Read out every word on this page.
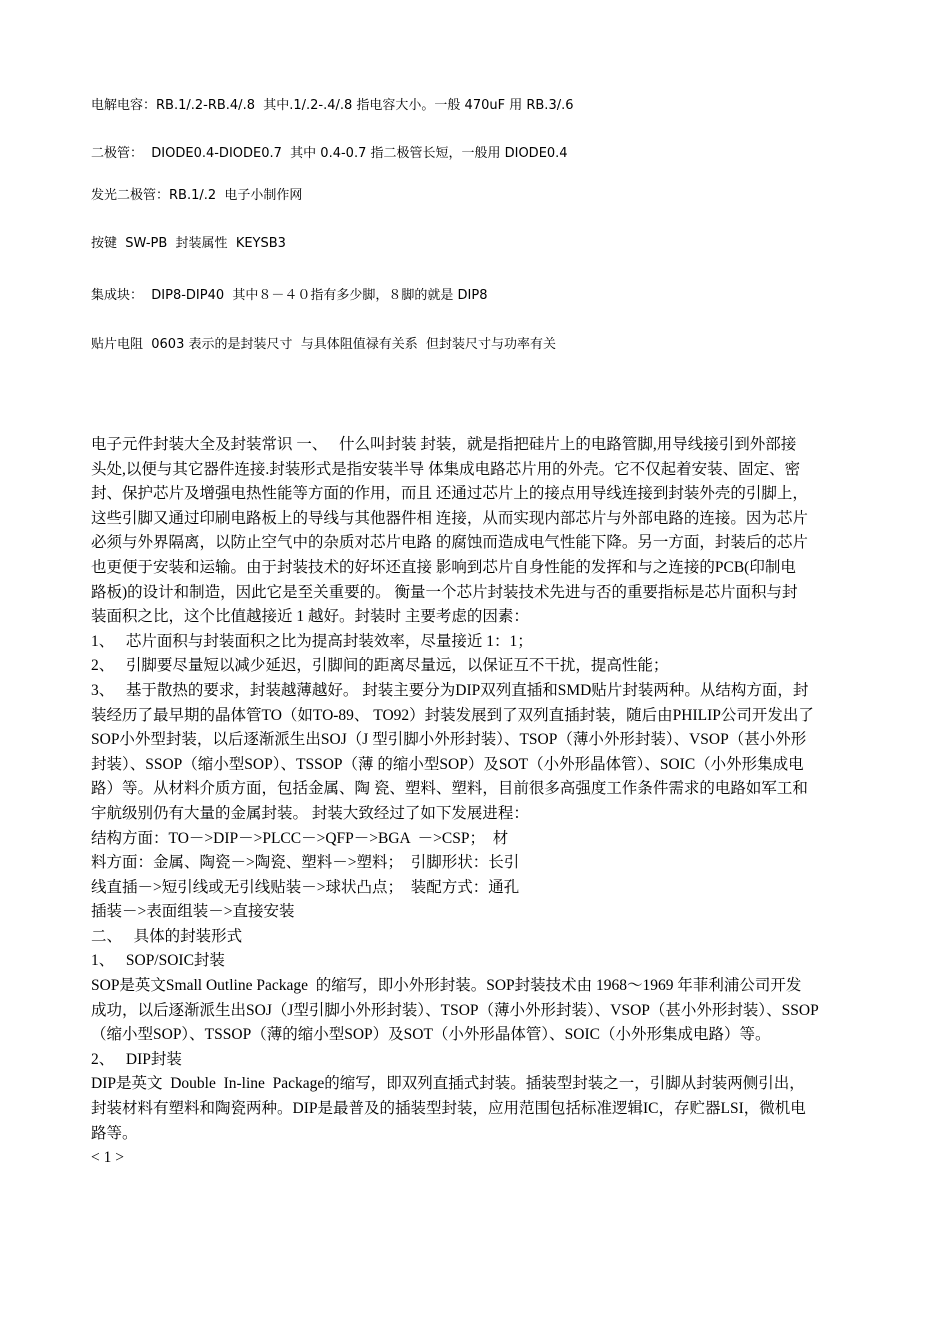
电解电容：RB.1/.2-RB.4/.8  其中.1/.2-.4/.8 指电容大小。一般 470uF 用 RB.3/.6
二极管：  DIODE0.4-DIODE0.7  其中 0.4-0.7 指二极管长短，一般用 DIODE0.4
发光二极管：RB.1/.2  电子小制作网
按键  SW-PB  封装属性  KEYSB3
集成块：  DIP8-DIP40  其中８－４０指有多少脚，８脚的就是 DIP8
贴片电阻  0603 表示的是封装尺寸  与具体阻值禄有关系  但封装尺寸与功率有关
电子元件封装大全及封装常识 一、   什么叫封装 封装，就是指把硅片上的电路管脚,用导线接引到外部接
头处,以便与其它器件连接.封装形式是指安装半导 体集成电路芯片用的外壳。它不仅起着安装、固定、密
封、保护芯片及增强电热性能等方面的作用，而且 还通过芯片上的接点用导线连接到封装外壳的引脚上，
这些引脚又通过印刷电路板上的导线与其他器件相 连接，从而实现内部芯片与外部电路的连接。因为芯片
必须与外界隔离，以防止空气中的杂质对芯片电路 的腐蚀而造成电气性能下降。另一方面，封装后的芯片
也更便于安装和运输。由于封装技术的好坏还直接 影响到芯片自身性能的发挥和与之连接的PCB(印制电
路板)的设计和制造，因此它是至关重要的。 衡量一个芯片封装技术先进与否的重要指标是芯片面积与封
装面积之比，这个比值越接近 1 越好。封装时 主要考虑的因素：
1、   芯片面积与封装面积之比为提高封装效率，尽量接近 1：1；
2、   引脚要尽量短以减少延迟，引脚间的距离尽量远，以保证互不干扰，提高性能；
3、   基于散热的要求，封装越薄越好。 封装主要分为DIP双列直插和SMD贴片封装两种。从结构方面，封
装经历了最早期的晶体管TO（如TO-89、 TO92）封装发展到了双列直插封装，随后由PHILIP公司开发出了
SOP小外型封装，以后逐渐派生出SOJ（J 型引脚小外形封装）、TSOP（薄小外形封装）、VSOP（甚小外形
封装）、SSOP（缩小型SOP）、TSSOP（薄 的缩小型SOP）及SOT（小外形晶体管）、SOIC（小外形集成电
路）等。从材料介质方面，包括金属、陶 瓷、塑料、塑料，目前很多高强度工作条件需求的电路如军工和
宇航级别仍有大量的金属封装。 封装大致经过了如下发展进程：
结构方面：TO－>DIP－>PLCC－>QFP－>BGA  －>CSP；  材
料方面：金属、陶瓷－>陶瓷、塑料－>塑料；  引脚形状：长引
线直插－>短引线或无引线贴装－>球状凸点；  装配方式：通孔
插装－>表面组装－>直接安装
二、   具体的封装形式
1、   SOP/SOIC封装
SOP是英文Small Outline Package  的缩写，即小外形封装。SOP封装技术由 1968～1969 年菲利浦公司开发
成功，以后逐渐派生出SOJ（J型引脚小外形封装）、TSOP（薄小外形封装）、VSOP（甚小外形封装）、SSOP
（缩小型SOP）、TSSOP（薄的缩小型SOP）及SOT（小外形晶体管）、SOIC（小外形集成电路）等。
2、   DIP封装
DIP是英文  Double  In-line  Package的缩写，即双列直插式封装。插装型封装之一，引脚从封装两侧引出，
封装材料有塑料和陶瓷两种。DIP是最普及的插装型封装，应用范围包括标准逻辑IC，存贮器LSI，微机电
路等。
< 1 >
